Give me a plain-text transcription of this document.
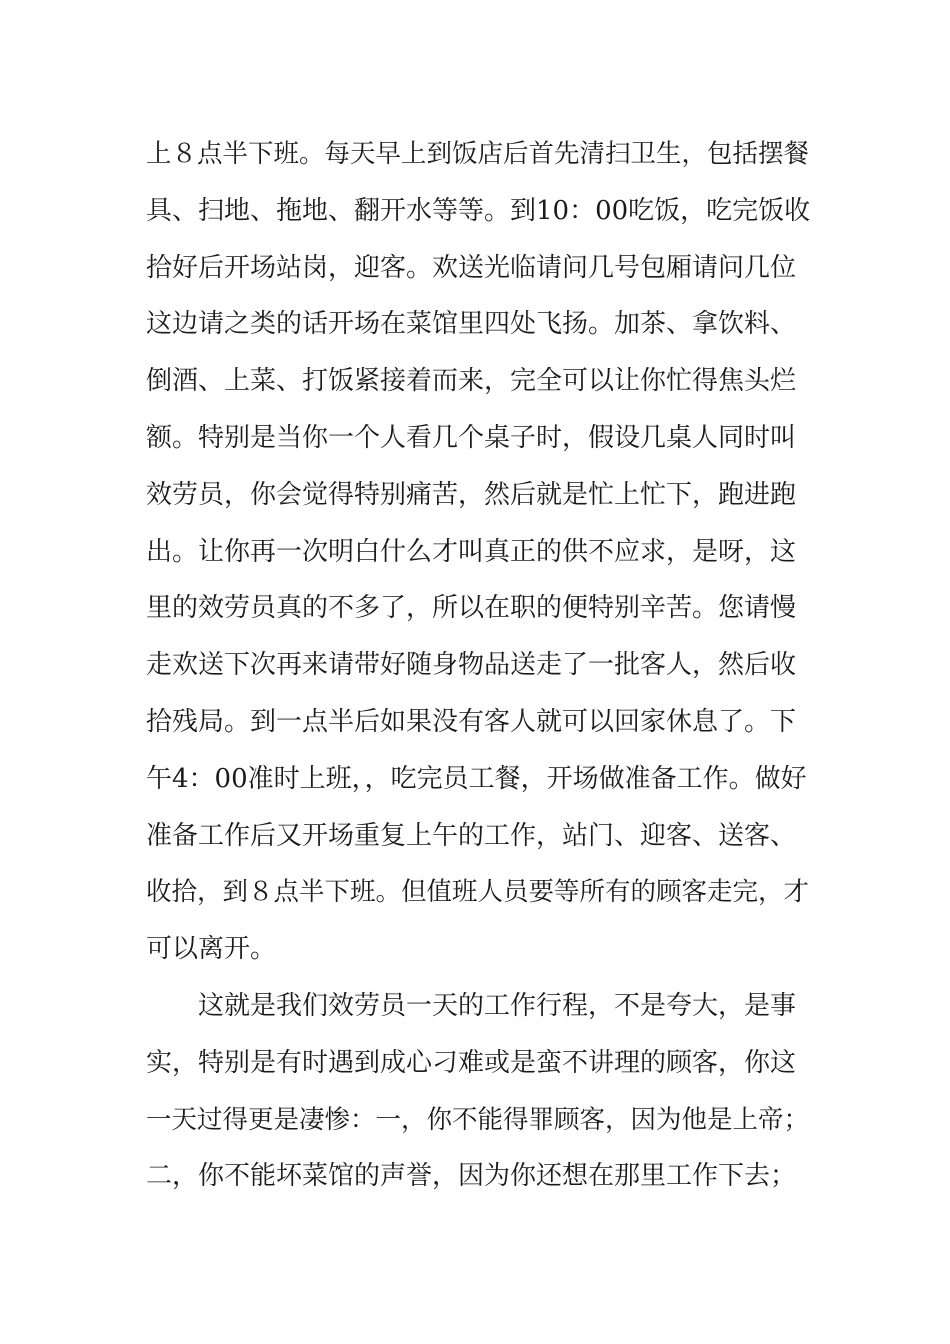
上８点半下班。每天早上到饭店后首先清扫卫生，包括摆餐
具、扫地、拖地、翻开水等等。到10：00吃饭，吃完饭收
拾好后开场站岗，迎客。欢送光临请问几号包厢请问几位
这边请之类的话开场在菜馆里四处飞扬。加茶、拿饮料、
倒酒、上菜、打饭紧接着而来，完全可以让你忙得焦头烂
额。特别是当你一个人看几个桌子时，假设几桌人同时叫
效劳员，你会觉得特别痛苦，然后就是忙上忙下，跑进跑
出。让你再一次明白什么才叫真正的供不应求，是呀，这
里的效劳员真的不多了，所以在职的便特别辛苦。您请慢
走欢送下次再来请带好随身物品送走了一批客人，然后收
拾残局。到一点半后如果没有客人就可以回家休息了。下
午4：00准时上班，，吃完员工餐，开场做准备工作。做好
准备工作后又开场重复上午的工作，站门、迎客、送客、
收拾，到８点半下班。但值班人员要等所有的顾客走完，才
可以离开。
这就是我们效劳员一天的工作行程，不是夸大，是事
实，特别是有时遇到成心刁难或是蛮不讲理的顾客，你这
一天过得更是凄惨：一，你不能得罪顾客，因为他是上帝；
二，你不能坏菜馆的声誉，因为你还想在那里工作下去；
